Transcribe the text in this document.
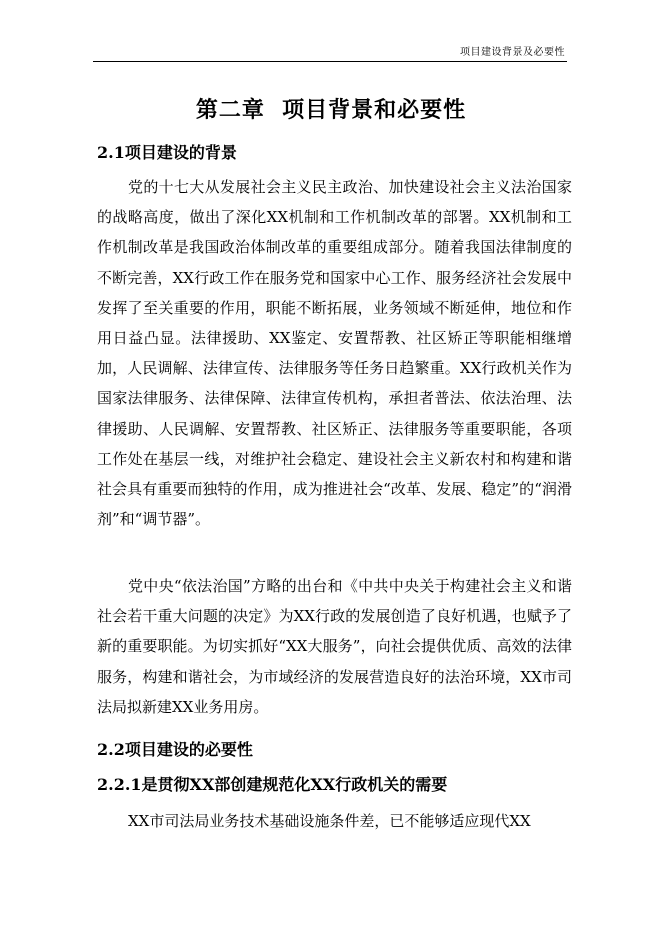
项目建设背景及必要性
第二章  项目背景和必要性
2.1项目建设的背景

党的十七大从发展社会主义民主政治、加快建设社会主义法治国家的战略高度，做出了深化XX机制和工作机制改革的部署。XX机制和工作机制改革是我国政治体制改革的重要组成部分。随着我国法律制度的不断完善，XX行政工作在服务党和国家中心工作、服务经济社会发展中发挥了至关重要的作用，职能不断拓展，业务领域不断延伸，地位和作用日益凸显。法律援助、XX鉴定、安置帮教、社区矫正等职能相继增加，人民调解、法律宣传、法律服务等任务日趋繁重。XX行政机关作为国家法律服务、法律保障、法律宣传机构，承担者普法、依法治理、法律援助、人民调解、安置帮教、社区矫正、法律服务等重要职能，各项工作处在基层一线，对维护社会稳定、建设社会主义新农村和构建和谐社会具有重要而独特的作用，成为推进社会“改革、发展、稳定”的“润滑剂”和“调节器”。

党中央“依法治国”方略的出台和《中共中央关于构建社会主义和谐社会若干重大问题的决定》为XX行政的发展创造了良好机遇，也赋予了新的重要职能。为切实抓好“XX大服务”，向社会提供优质、高效的法律服务，构建和谐社会，为市域经济的发展营造良好的法治环境，XX市司法局拟新建XX业务用房。

2.2项目建设的必要性
2.2.1是贯彻XX部创建规范化XX行政机关的需要

XX市司法局业务技术基础设施条件差，已不能够适应现代XX
